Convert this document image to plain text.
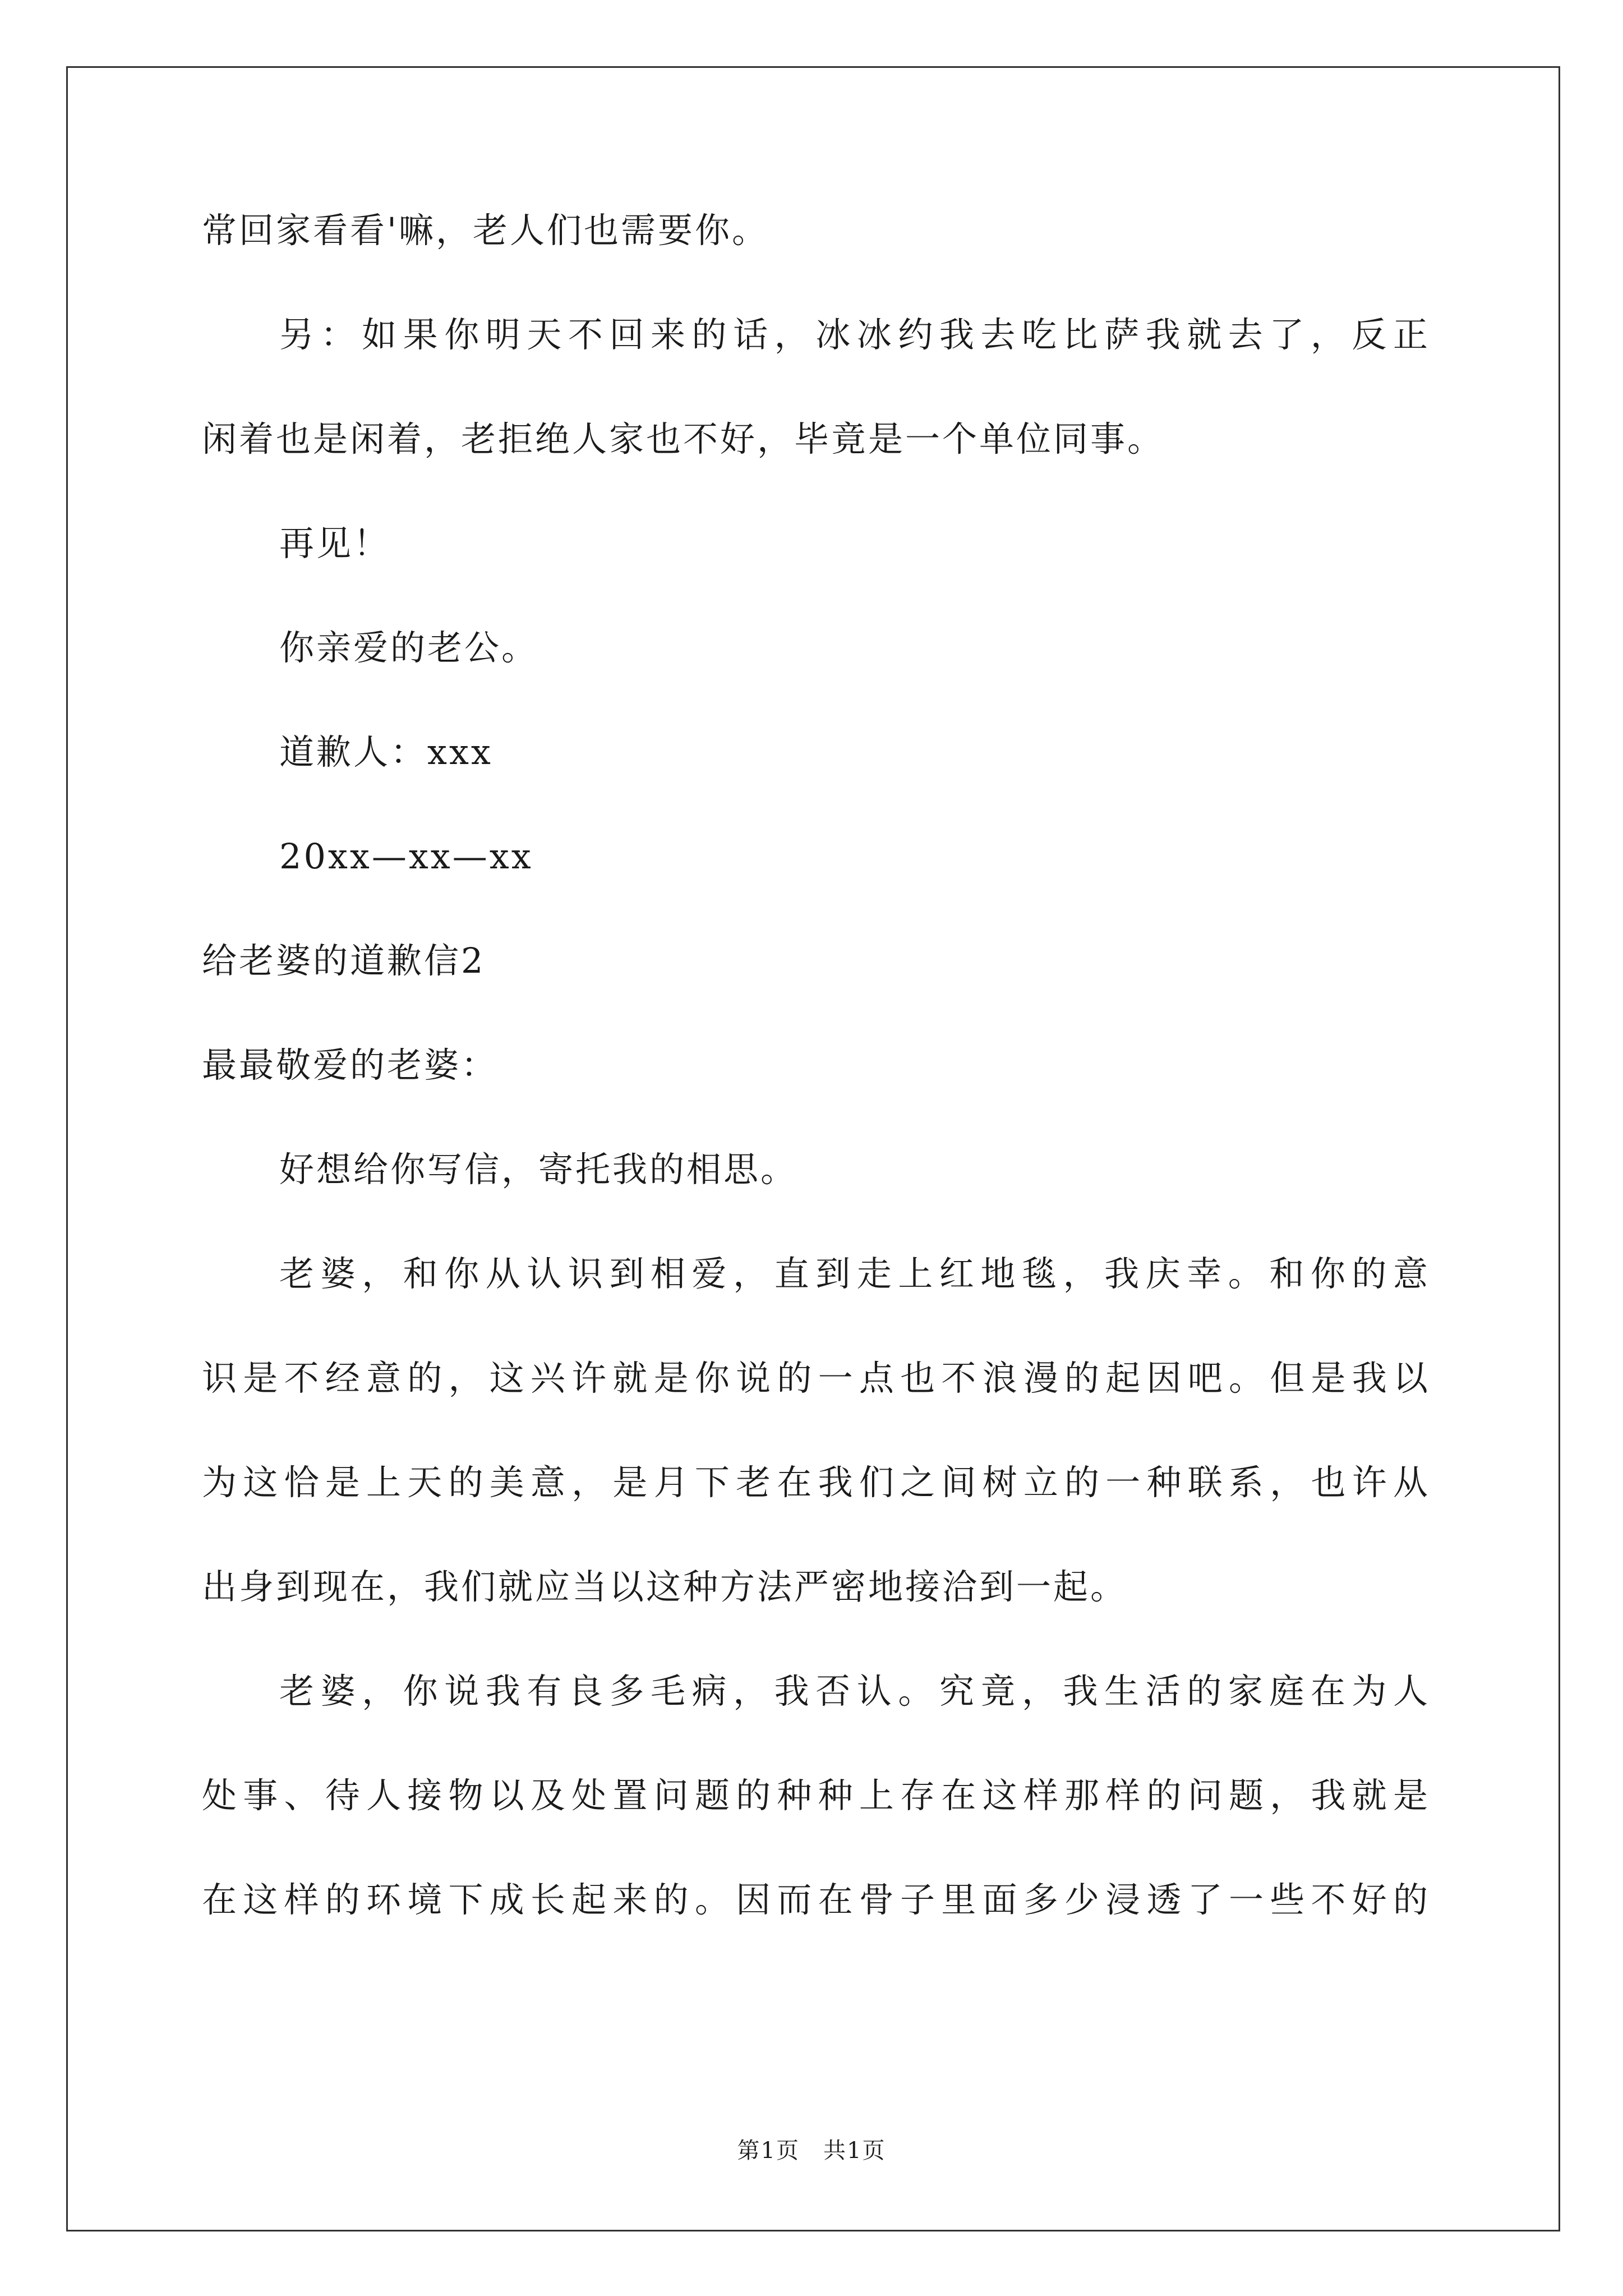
常回家看看'嘛，老人们也需要你。
另：如果你明天不回来的话，冰冰约我去吃比萨我就去了，反正
闲着也是闲着，老拒绝人家也不好，毕竟是一个单位同事。
再见！
你亲爱的老公。
道歉人：xxx
20xx—xx—xx
给老婆的道歉信2
最最敬爱的老婆：
好想给你写信，寄托我的相思。
老婆，和你从认识到相爱，直到走上红地毯，我庆幸。和你的意
识是不经意的，这兴许就是你说的一点也不浪漫的起因吧。但是我以
为这恰是上天的美意，是月下老在我们之间树立的一种联系，也许从
出身到现在，我们就应当以这种方法严密地接洽到一起。
老婆，你说我有良多毛病，我否认。究竟，我生活的家庭在为人
处事、待人接物以及处置问题的种种上存在这样那样的问题，我就是
在这样的环境下成长起来的。因而在骨子里面多少浸透了一些不好的
第1页　共1页
